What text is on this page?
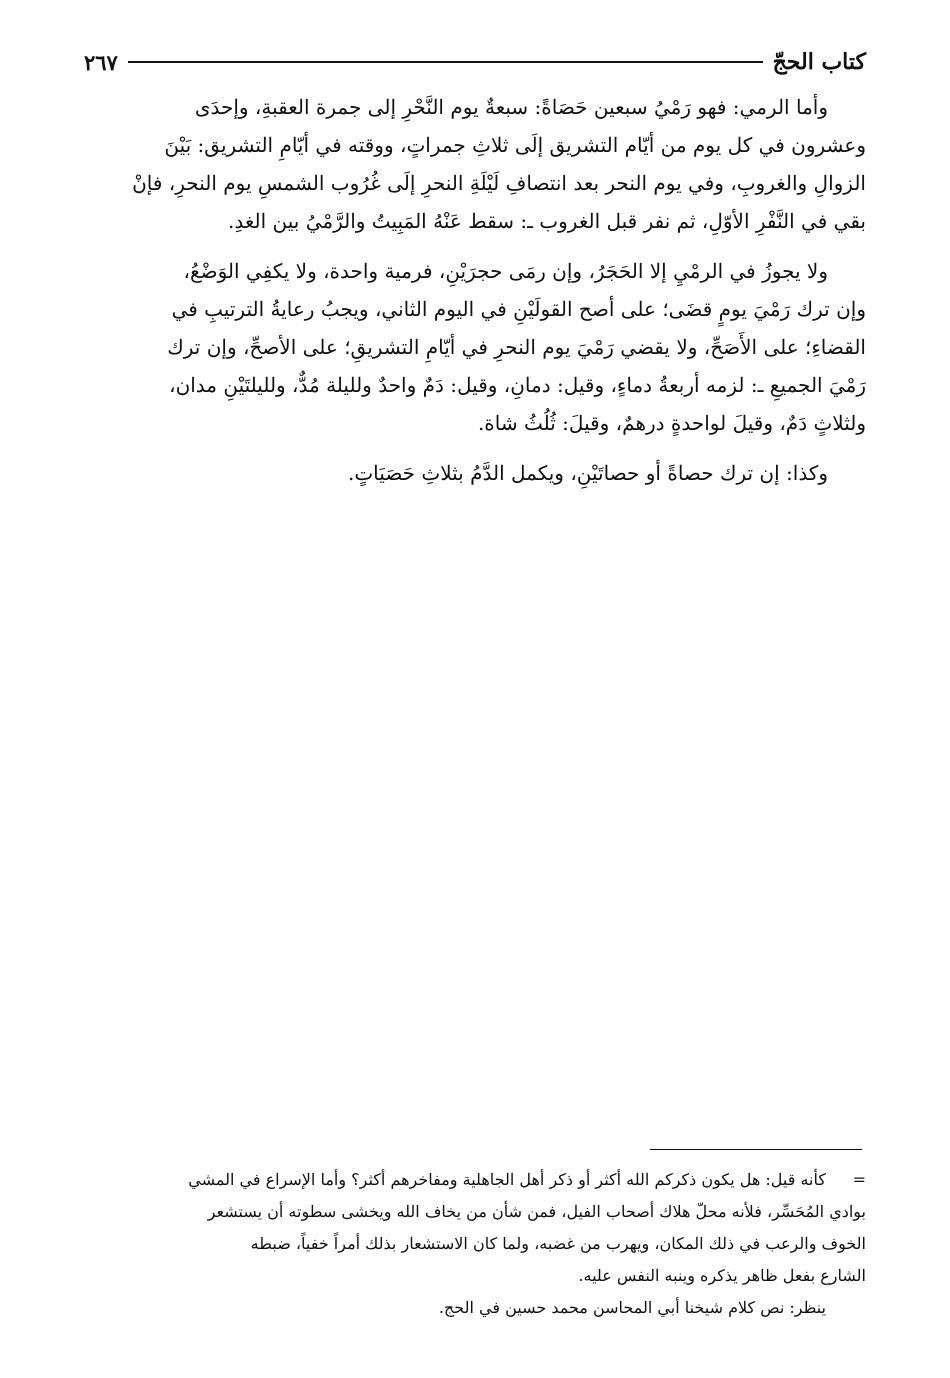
كتاب الحجّ
٢٦٧
وأما الرمي: فهو رَمْيُ سبعين حَصَاةً: سبعةٌ يوم النَّحْرِ إلى جمرة العقبةِ، وإحدَى
وعشرون في كل يوم من أيّام التشريق إلَى ثلاثِ جمراتٍ، ووقته في أيّامِ التشريق: بَيْنَ
الزوالِ والغروبِ، وفي يوم النحر بعد انتصافِ لَيْلَةِ النحرِ إلَى غُرُوب الشمسِ يوم النحرِ، فإنْ
بقي في النَّفْرِ الأوّلِ، ثم نفر قبل الغروب ـ: سقط عَنْهُ المَبِيتُ والرَّمْيُ بين الغدِ.
ولا يجوزُ في الرمْيِ إلا الحَجَرُ، وإن رمَى حجرَيْنِ، فرمية واحدة، ولا يكفِي الوَضْعُ،
وإن ترك رَمْيَ يومٍ قضَى؛ على أصح القولَيْنِ في اليوم الثاني، ويجبُ رعايةُ الترتيبِ في
القضاءِ؛ على الأَصَحِّ، ولا يقضي رَمْيَ يوم النحرِ في أيّامِ التشريقِ؛ على الأصحِّ، وإن ترك
رَمْيَ الجميعِ ـ: لزمه أربعةُ دماءٍ، وقيل: دمانِ، وقيل: دَمٌ واحدٌ ولليلة مُدٌّ، ولليلتَيْنِ مدان،
ولثلاثٍ دَمٌ، وقيلَ لواحدةٍ درهمٌ، وقيلَ: ثُلُثُ شاة.
وكذا: إن ترك حصاةً أو حصاتَيْنِ، ويكمل الدَّمُ بثلاثِ حَصَيَاتٍ.
=
كأنه قيل: هل يكون ذكركم الله أكثر أو ذكر أهل الجاهلية ومفاخرهم أكثر؟ وأما الإسراع في المشي
بوادي المُحَسِّر، فلأنه محلّ هلاك أصحاب الفيل، فمن شأن من يخاف الله ويخشى سطوته أن يستشعر
الخوف والرعب في ذلك المكان، ويهرب من غضبه، ولما كان الاستشعار بذلك أمراً خفياً، ضبطه
الشارع بفعل ظاهر يذكره وينبه النفس عليه.
ينظر: نص كلام شيخنا أبي المحاسن محمد حسين في الحج.
